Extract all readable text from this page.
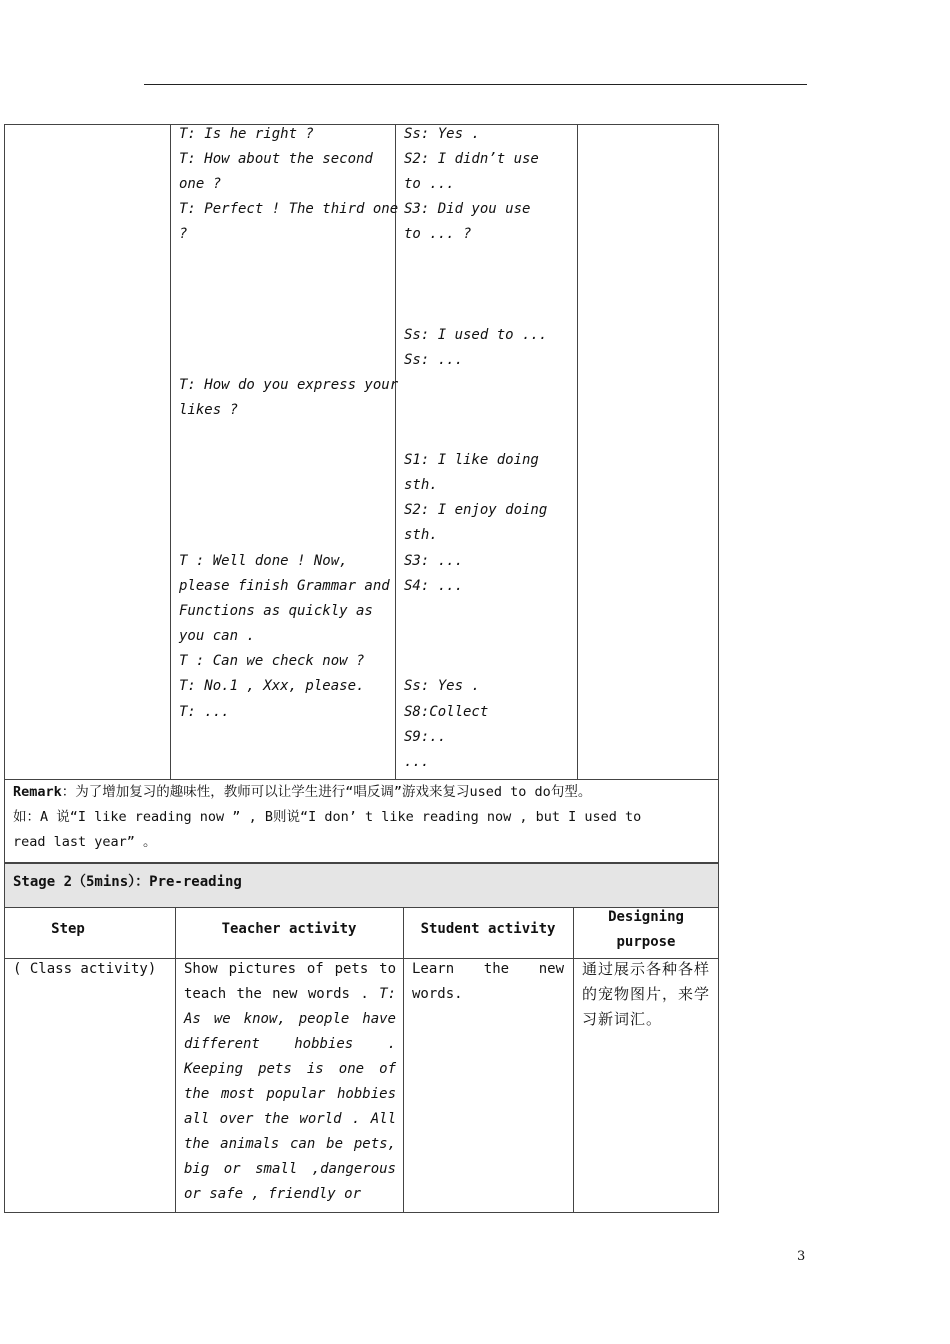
T: Is he right ?
T: How about the second
one ?
T: Perfect ! The third one
?
T: How do you express your
likes ?
T : Well done ! Now,
please finish Grammar and
Functions as quickly as
you can .
T : Can we check now ?
T: No.1 , Xxx, please.
T: ...
Ss: Yes .
S2: I didn’t use
to ...
S3: Did you use
to ... ?
Ss: I used to ...
Ss: ...
S1: I like doing
sth.
S2: I enjoy doing
sth.
S3: ...
S4: ...
Ss: Yes .
S8:Collect
S9:..
...
Remark：为了增加复习的趣味性，教师可以让学生进行“唱反调”游戏来复习used to do句型。
如：A 说“I like reading now ” , B则说“I don’ t like reading now , but I used to
read last year” 。
Stage 2（5mins）：Pre-reading
Step	Teacher activity	Student activity
Designing
purpose
( Class activity) Show pictures of pets to teach the new words . T: As we know, people have different hobbies . Keeping pets is one of the most popular hobbies all over the world . All the animals can be pets, big or small ,dangerous or safe , friendly or
Learn the new words.
通过展示各种各样的宠物图片，来学习新词汇。
3
